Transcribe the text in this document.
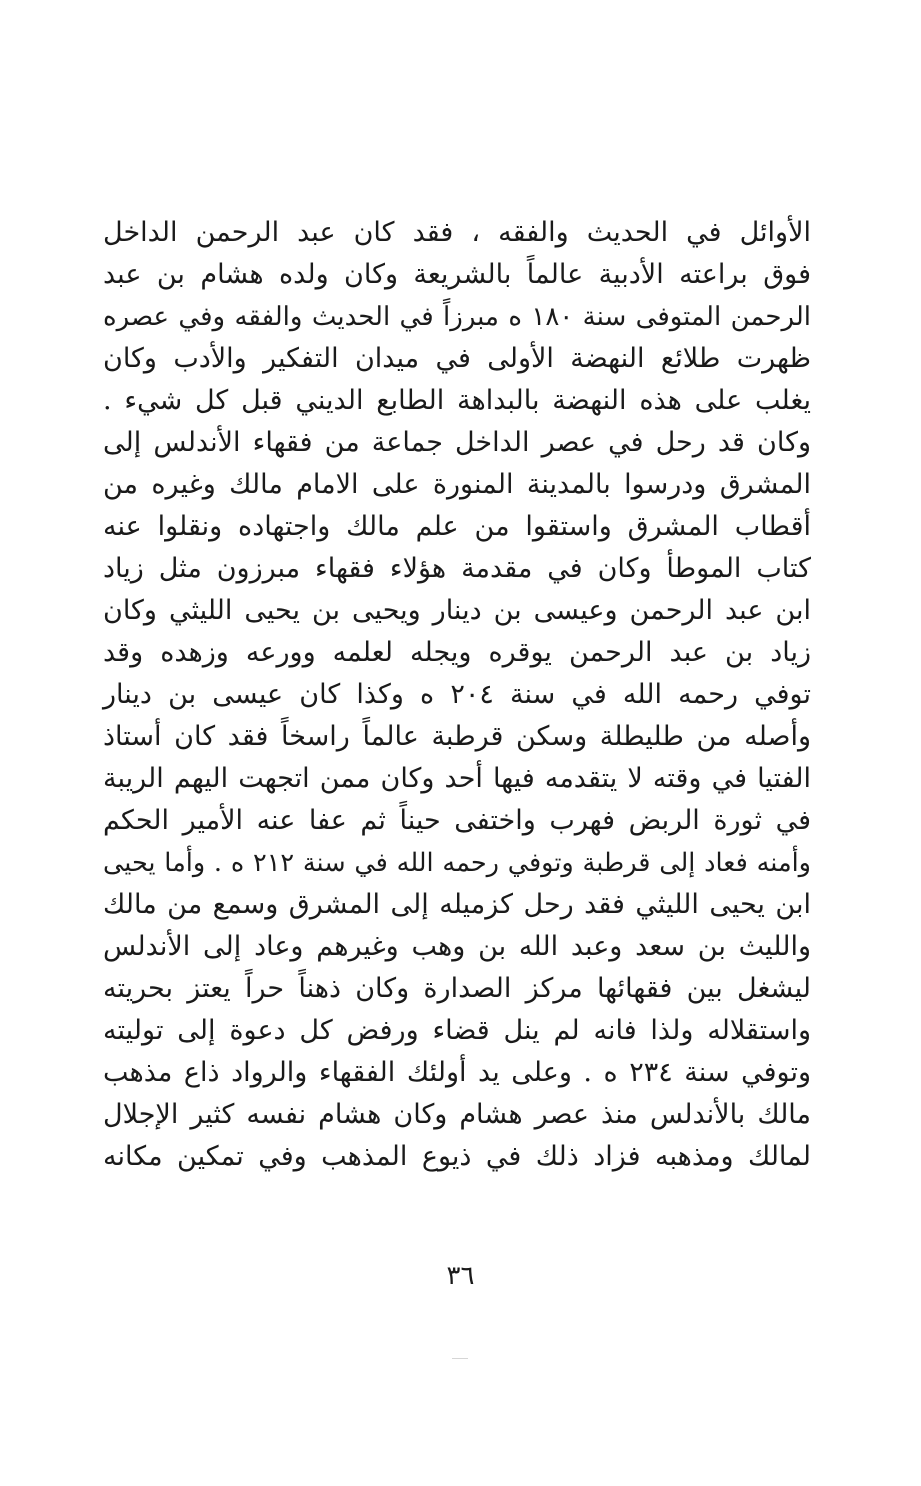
الأوائل في الحديث والفقه ، فقد كان عبد الرحمن الداخل
فوق براعته الأدبية عالماً بالشريعة وكان ولده هشام بن عبد
الرحمن المتوفى سنة ١٨٠ ه مبرزاً في الحديث والفقه وفي عصره
ظهرت طلائع النهضة الأولى في ميدان التفكير والأدب وكان
يغلب على هذه النهضة بالبداهة الطابع الديني قبل كل شيء .
وكان قد رحل في عصر الداخل جماعة من فقهاء الأندلس إلى
المشرق ودرسوا بالمدينة المنورة على الامام مالك وغيره من
أقطاب المشرق واستقوا من علم مالك واجتهاده ونقلوا عنه
كتاب الموطأ وكان في مقدمة هؤلاء فقهاء مبرزون مثل زياد
ابن عبد الرحمن وعيسى بن دينار ويحيى بن يحيى الليثي وكان
زياد بن عبد الرحمن يوقره ويجله لعلمه وورعه وزهده وقد
توفي رحمه الله في سنة ٢٠٤ ه وكذا كان عيسى بن دينار
وأصله من طليطلة وسكن قرطبة عالماً راسخاً فقد كان أستاذ
الفتيا في وقته لا يتقدمه فيها أحد وكان ممن اتجهت اليهم الريبة
في ثورة الربض فهرب واختفى حيناً ثم عفا عنه الأمير الحكم
وأمنه فعاد إلى قرطبة وتوفي رحمه الله في سنة ٢١٢ ه . وأما يحيى
ابن يحيى الليثي فقد رحل كزميله إلى المشرق وسمع من مالك
والليث بن سعد وعبد الله بن وهب وغيرهم وعاد إلى الأندلس
ليشغل بين فقهائها مركز الصدارة وكان ذهناً حراً يعتز بحريته
واستقلاله ولذا فانه لم ينل قضاء ورفض كل دعوة إلى توليته
وتوفي سنة ٢٣٤ ه . وعلى يد أولئك الفقهاء والرواد ذاع مذهب
مالك بالأندلس منذ عصر هشام وكان هشام نفسه كثير الإجلال
لمالك ومذهبه فزاد ذلك في ذيوع المذهب وفي تمكين مكانه
٣٦
